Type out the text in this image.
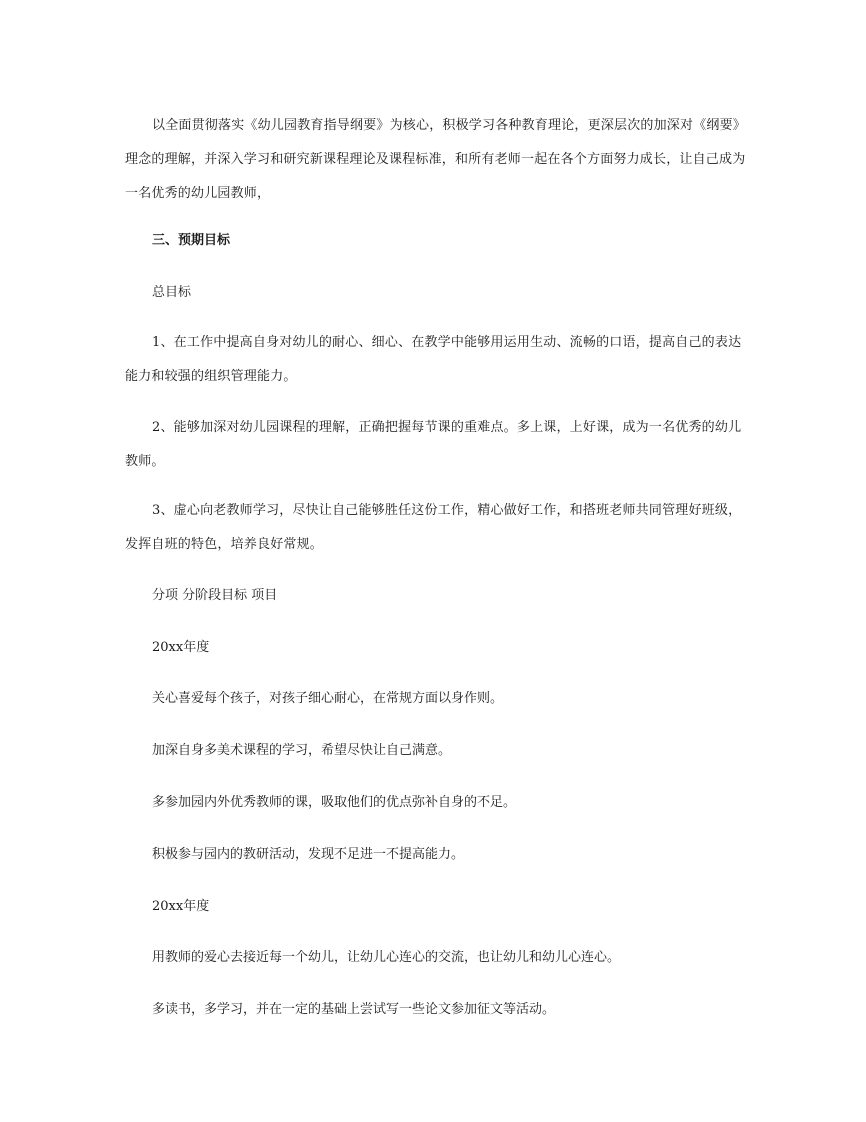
以全面贯彻落实《幼儿园教育指导纲要》为核心，积极学习各种教育理论，更深层次的加深对《纲要》理念的理解，并深入学习和研究新课程理论及课程标准，和所有老师一起在各个方面努力成长，让自己成为一名优秀的幼儿园教师，

三、预期目标

总目标

1、在工作中提高自身对幼儿的耐心、细心、在教学中能够用运用生动、流畅的口语，提高自己的表达能力和较强的组织管理能力。

2、能够加深对幼儿园课程的理解，正确把握每节课的重难点。多上课，上好课，成为一名优秀的幼儿教师。

3、虚心向老教师学习，尽快让自己能够胜任这份工作，精心做好工作，和搭班老师共同管理好班级，发挥自班的特色，培养良好常规。

分项 分阶段目标 项目

20xx年度

关心喜爱每个孩子，对孩子细心耐心，在常规方面以身作则。

加深自身多美术课程的学习，希望尽快让自己满意。

多参加园内外优秀教师的课，吸取他们的优点弥补自身的不足。

积极参与园内的教研活动，发现不足进一不提高能力。

20xx年度

用教师的爱心去接近每一个幼儿，让幼儿心连心的交流，也让幼儿和幼儿心连心。

多读书，多学习，并在一定的基础上尝试写一些论文参加征文等活动。
